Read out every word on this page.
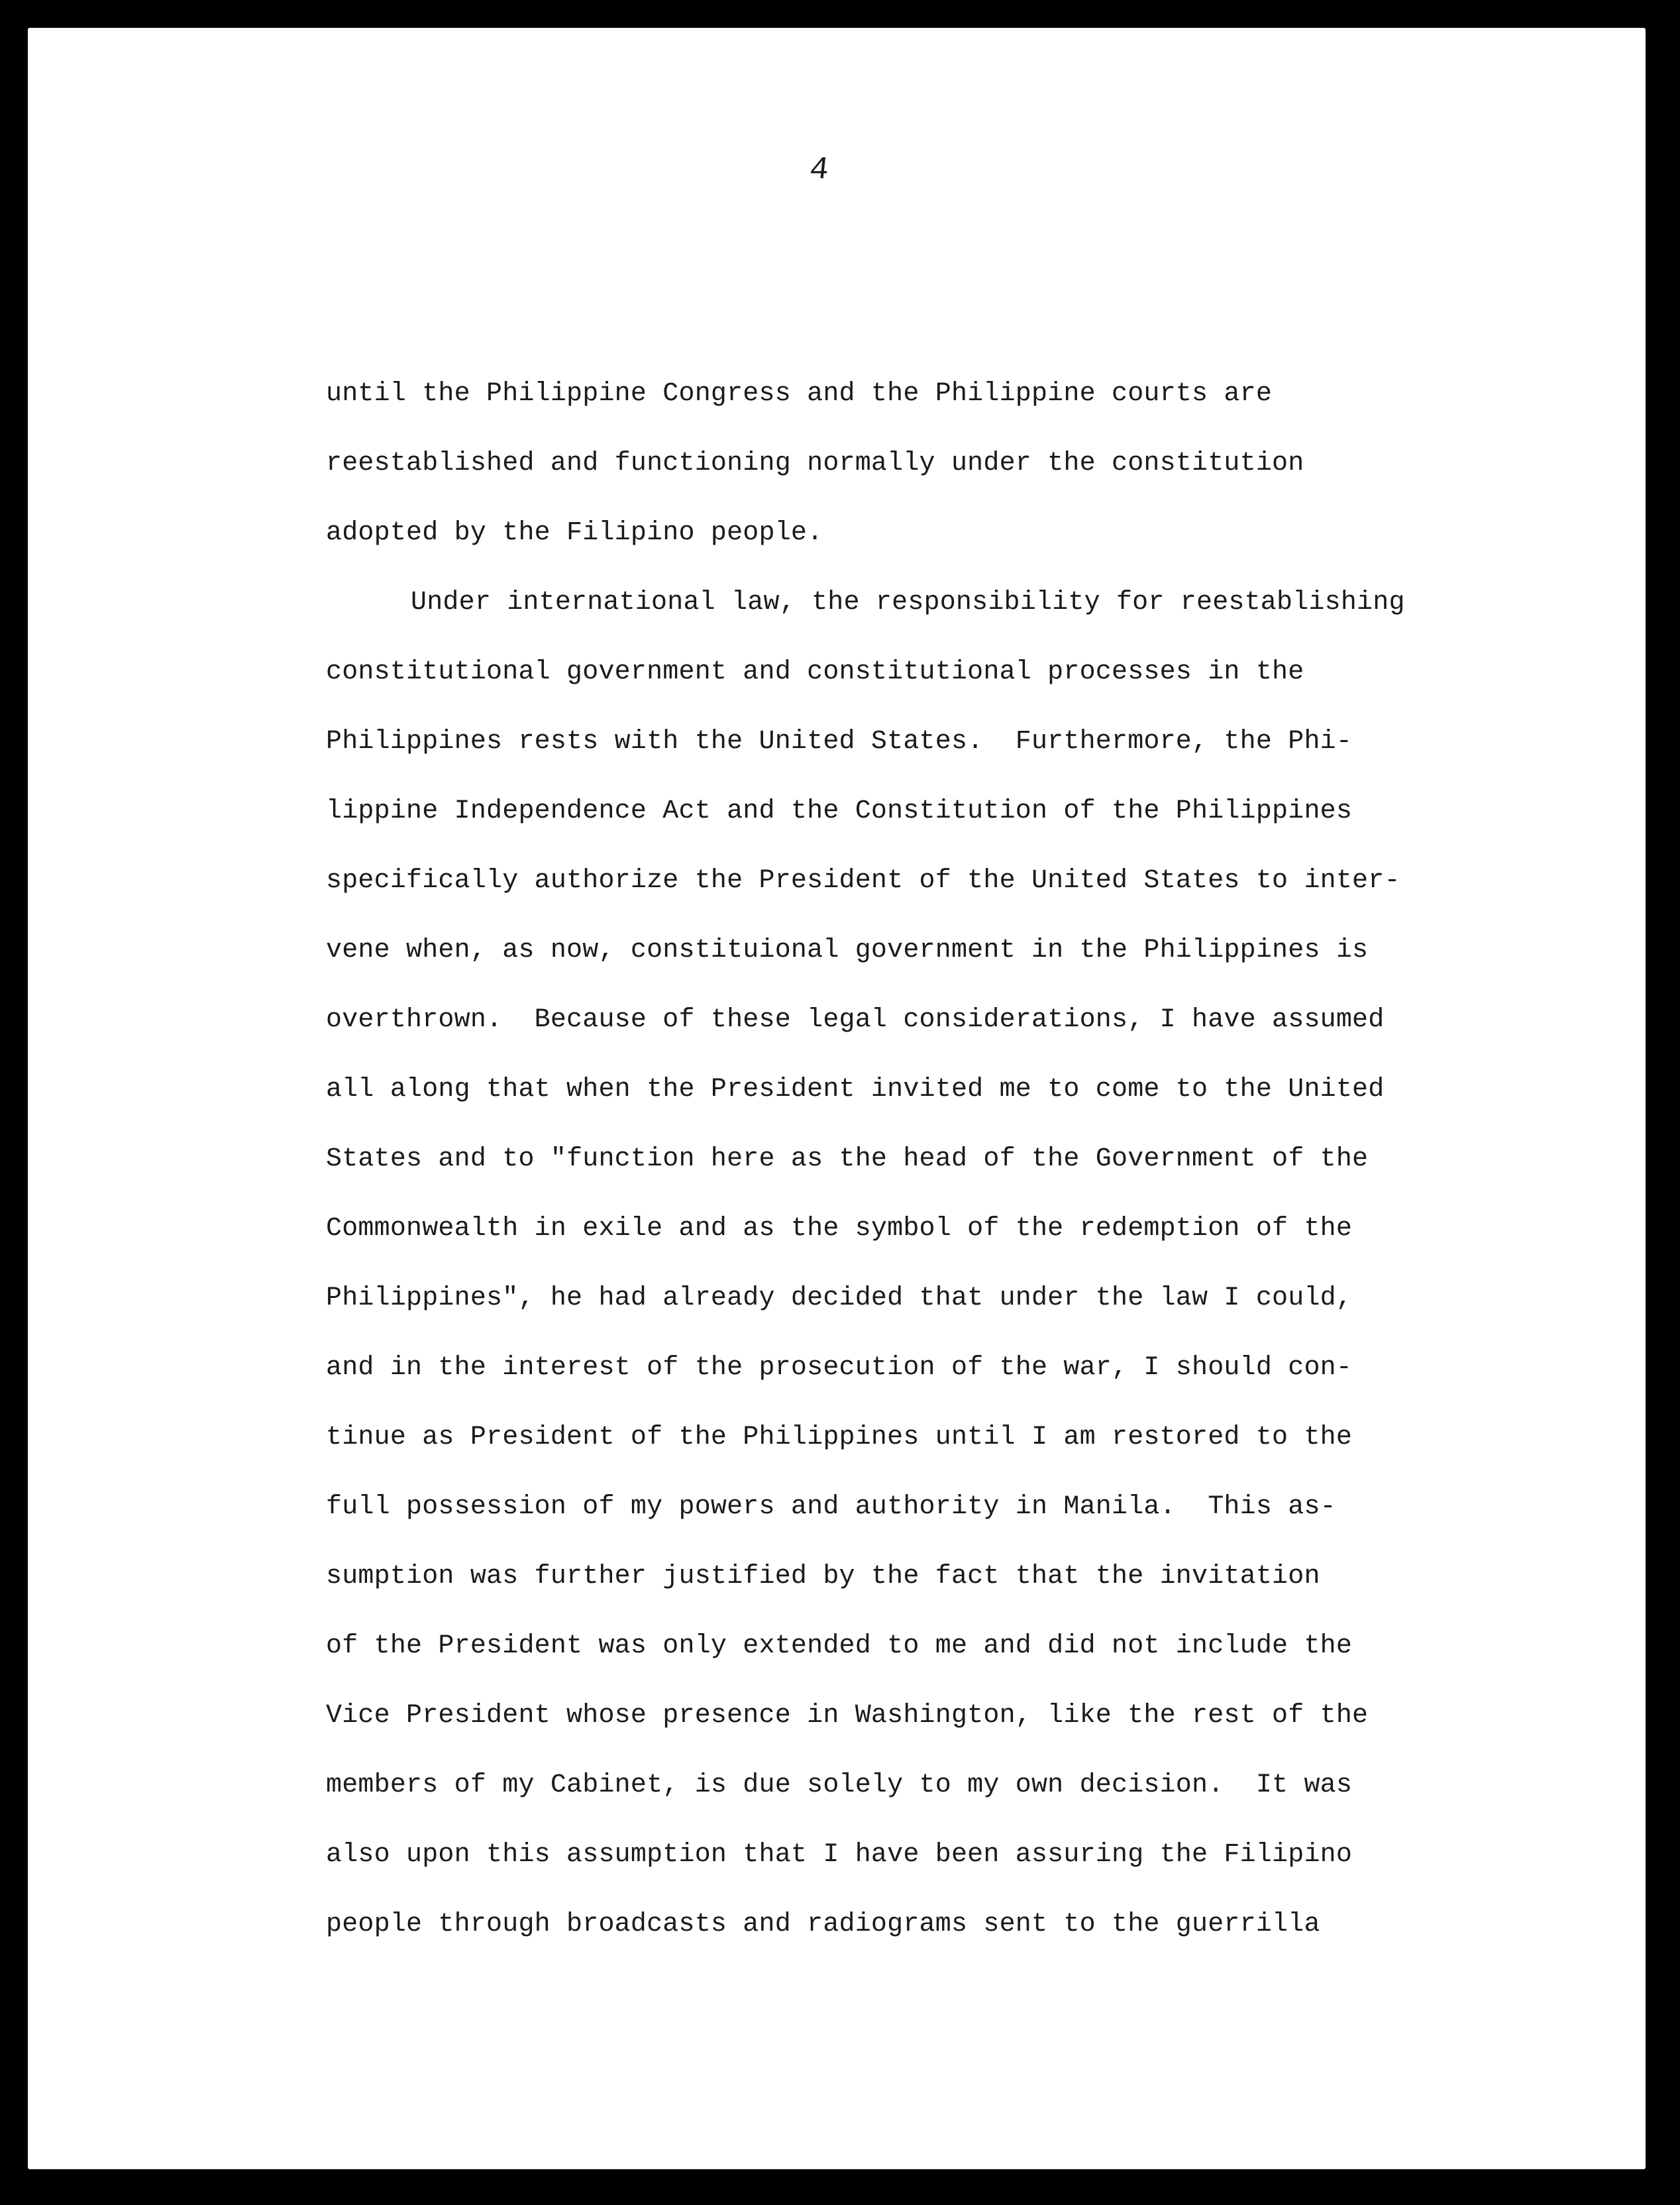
4
until the Philippine Congress and the Philippine courts are
reestablished and functioning normally under the constitution
adopted by the Filipino people.
Under international law, the responsibility for reestablishing
constitutional government and constitutional processes in the
Philippines rests with the United States.  Furthermore, the Phi-
lippine Independence Act and the Constitution of the Philippines
specifically authorize the President of the United States to inter-
vene when, as now, constituional government in the Philippines is
overthrown.  Because of these legal considerations, I have assumed
all along that when the President invited me to come to the United
States and to "function here as the head of the Government of the
Commonwealth in exile and as the symbol of the redemption of the
Philippines", he had already decided that under the law I could,
and in the interest of the prosecution of the war, I should con-
tinue as President of the Philippines until I am restored to the
full possession of my powers and authority in Manila.  This as-
sumption was further justified by the fact that the invitation
of the President was only extended to me and did not include the
Vice President whose presence in Washington, like the rest of the
members of my Cabinet, is due solely to my own decision.  It was
also upon this assumption that I have been assuring the Filipino
people through broadcasts and radiograms sent to the guerrilla
